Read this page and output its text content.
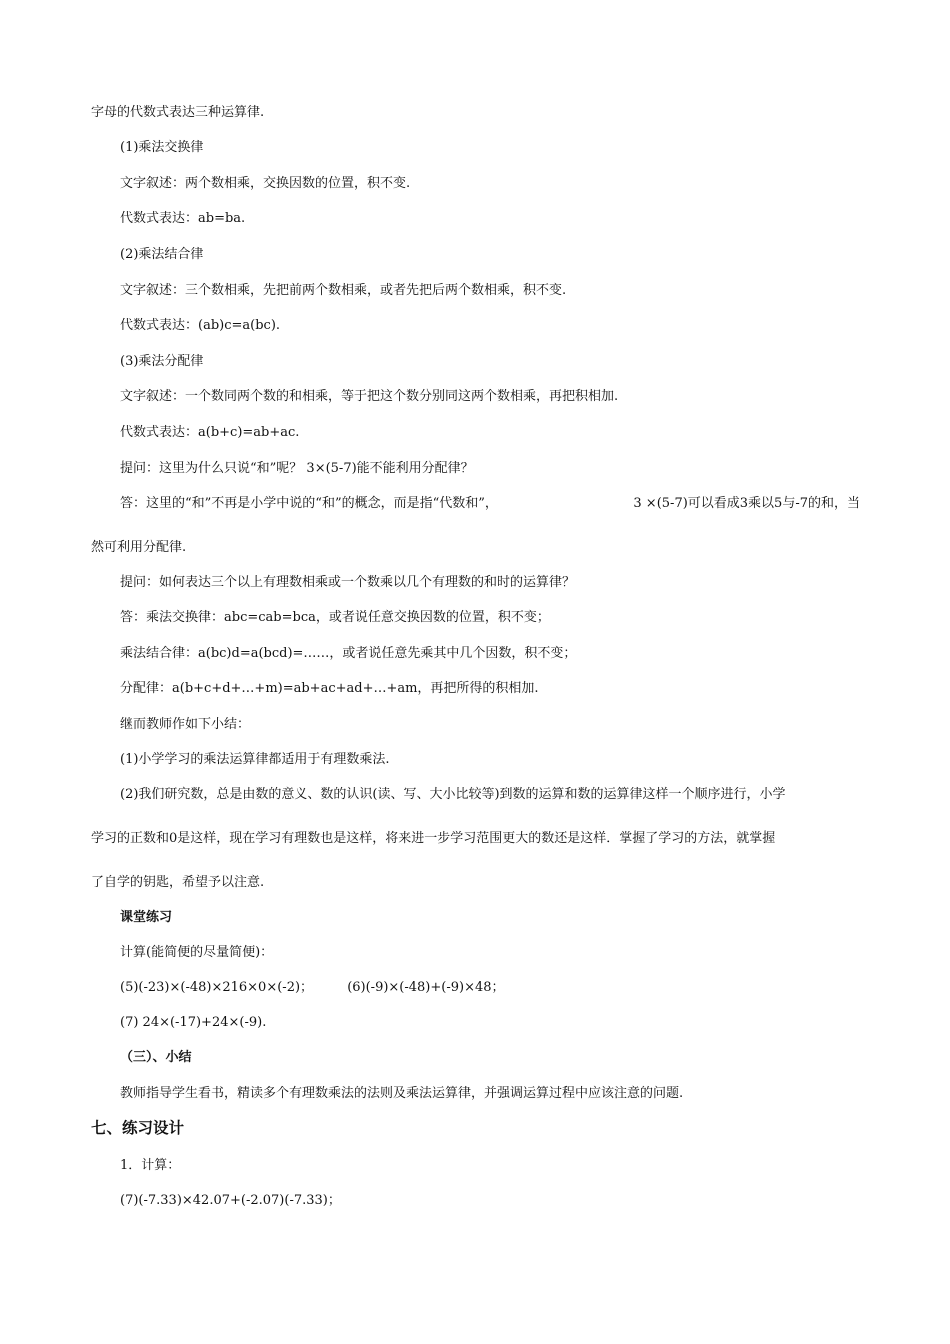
字母的代数式表达三种运算律.
(1)乘法交换律
文字叙述：两个数相乘，交换因数的位置，积不变.
代数式表达：ab=ba.
(2)乘法结合律
文字叙述：三个数相乘，先把前两个数相乘，或者先把后两个数相乘，积不变.
代数式表达：(ab)c=a(bc).
(3)乘法分配律
文字叙述：一个数同两个数的和相乘，等于把这个数分别同这两个数相乘，再把积相加.
代数式表达：a(b+c)=ab+ac.
提问：这里为什么只说“和”呢？ 3×(5-7)能不能利用分配律？
答：这里的“和”不再是小学中说的“和”的概念，而是指“代数和”，	3 ×(5-7)可以看成3乘以5与-7的和，当
然可利用分配律.
提问：如何表达三个以上有理数相乘或一个数乘以几个有理数的和时的运算律？
答：乘法交换律：abc=cab=bca，或者说任意交换因数的位置，积不变；
乘法结合律：a(bc)d=a(bcd)=……，或者说任意先乘其中几个因数，积不变；
分配律：a(b+c+d+…+m)=ab+ac+ad+…+am，再把所得的积相加.
继而教师作如下小结：
(1)小学学习的乘法运算律都适用于有理数乘法.
(2)我们研究数，总是由数的意义、数的认识(读、写、大小比较等)到数的运算和数的运算律这样一个顺序进行，小学
学习的正数和0是这样，现在学习有理数也是这样，将来进一步学习范围更大的数还是这样．掌握了学习的方法，就掌握
了自学的钥匙，希望予以注意.
课堂练习
计算(能简便的尽量简便)：
(5)(-23)×(-48)×216×0×(-2)；	(6)(-9)×(-48)+(-9)×48；
(7) 24×(-17)+24×(-9).
（三）、小结
教师指导学生看书，精读多个有理数乘法的法则及乘法运算律，并强调运算过程中应该注意的问题.
七、练习设计
1．计算：
(7)(-7.33)×42.07+(-2.07)(-7.33)；
